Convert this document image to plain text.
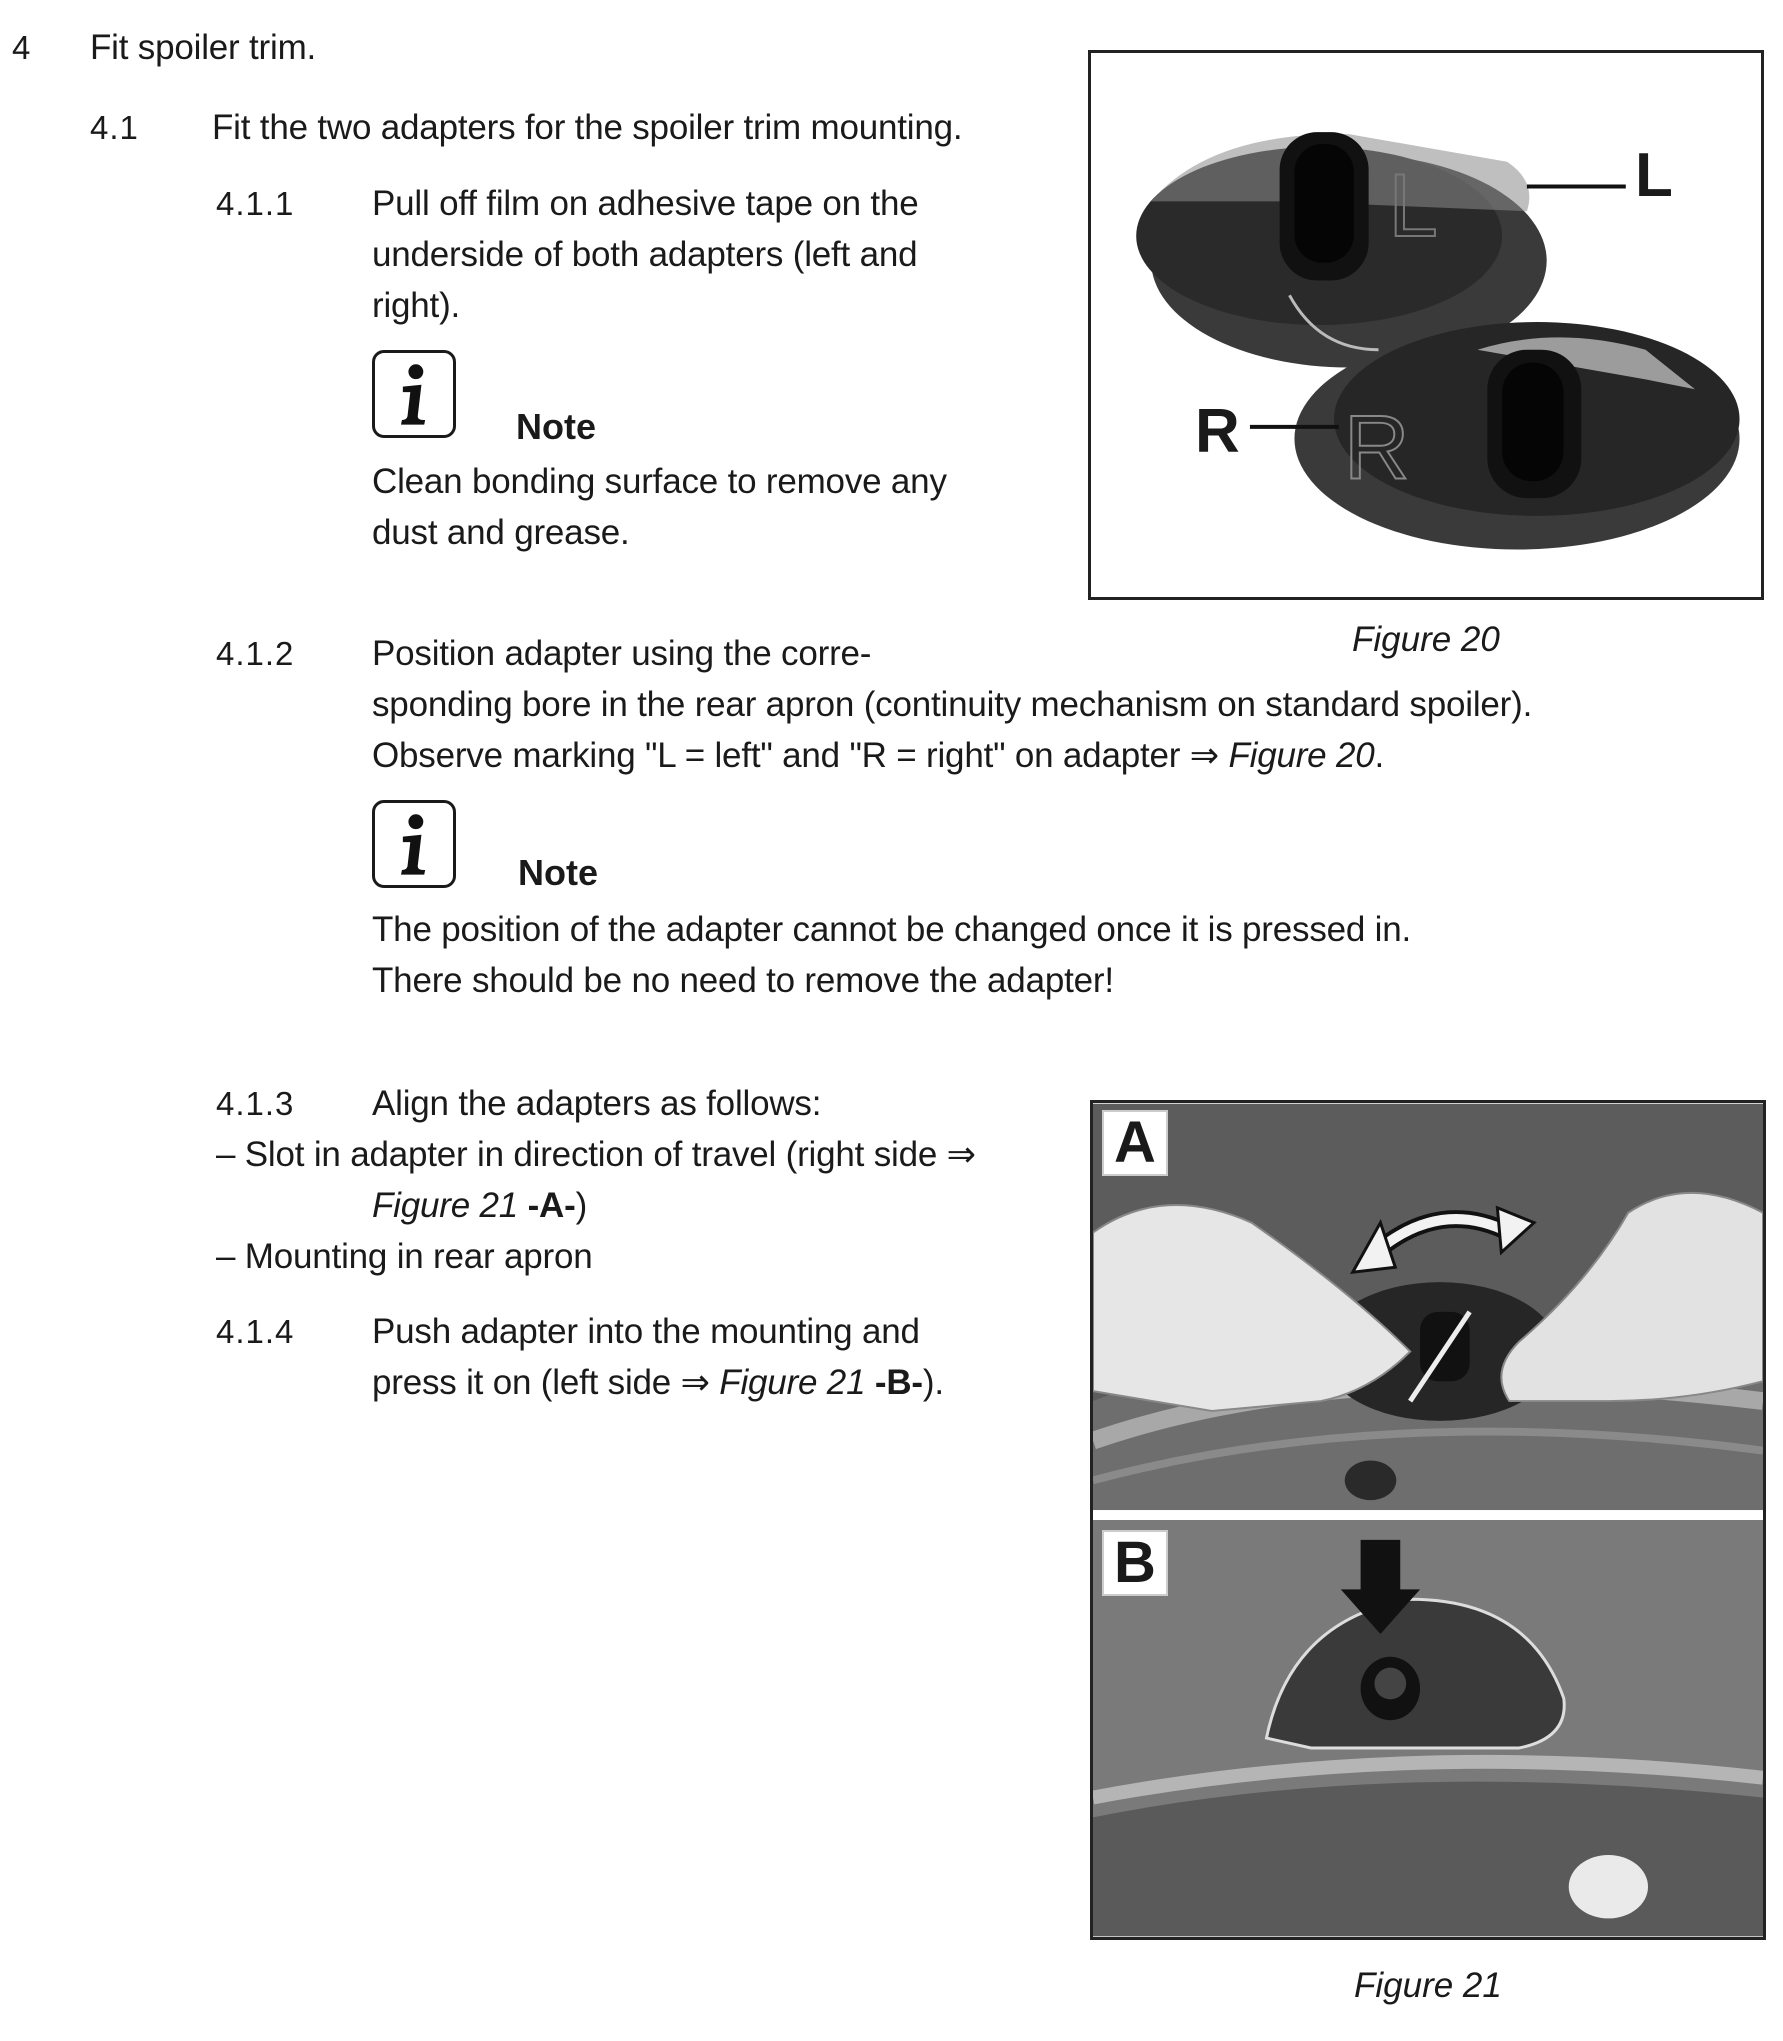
4 Fit spoiler trim.
4.1 Fit the two adapters for the spoiler trim mounting.
4.1.1 Pull off film on adhesive tape on the
underside of both adapters (left and
right).
Note
Clean bonding surface to remove any
dust and grease.
L
R
L
R
Figure 20
4.1.2 Position adapter using the corre-
sponding bore in the rear apron (continuity mechanism on standard spoiler).
Observe marking "L = left" and "R = right" on adapter ⇒ Figure 20.
Note
The position of the adapter cannot be changed once it is pressed in.
There should be no need to remove the adapter!
4.1.3 Align the adapters as follows:
– Slot in adapter in direction of travel (right side ⇒
Figure 21 -A-)
– Mounting in rear apron
4.1.4 Push adapter into the mounting and
press it on (left side ⇒ Figure 21 -B-).
A
B
Figure 21
